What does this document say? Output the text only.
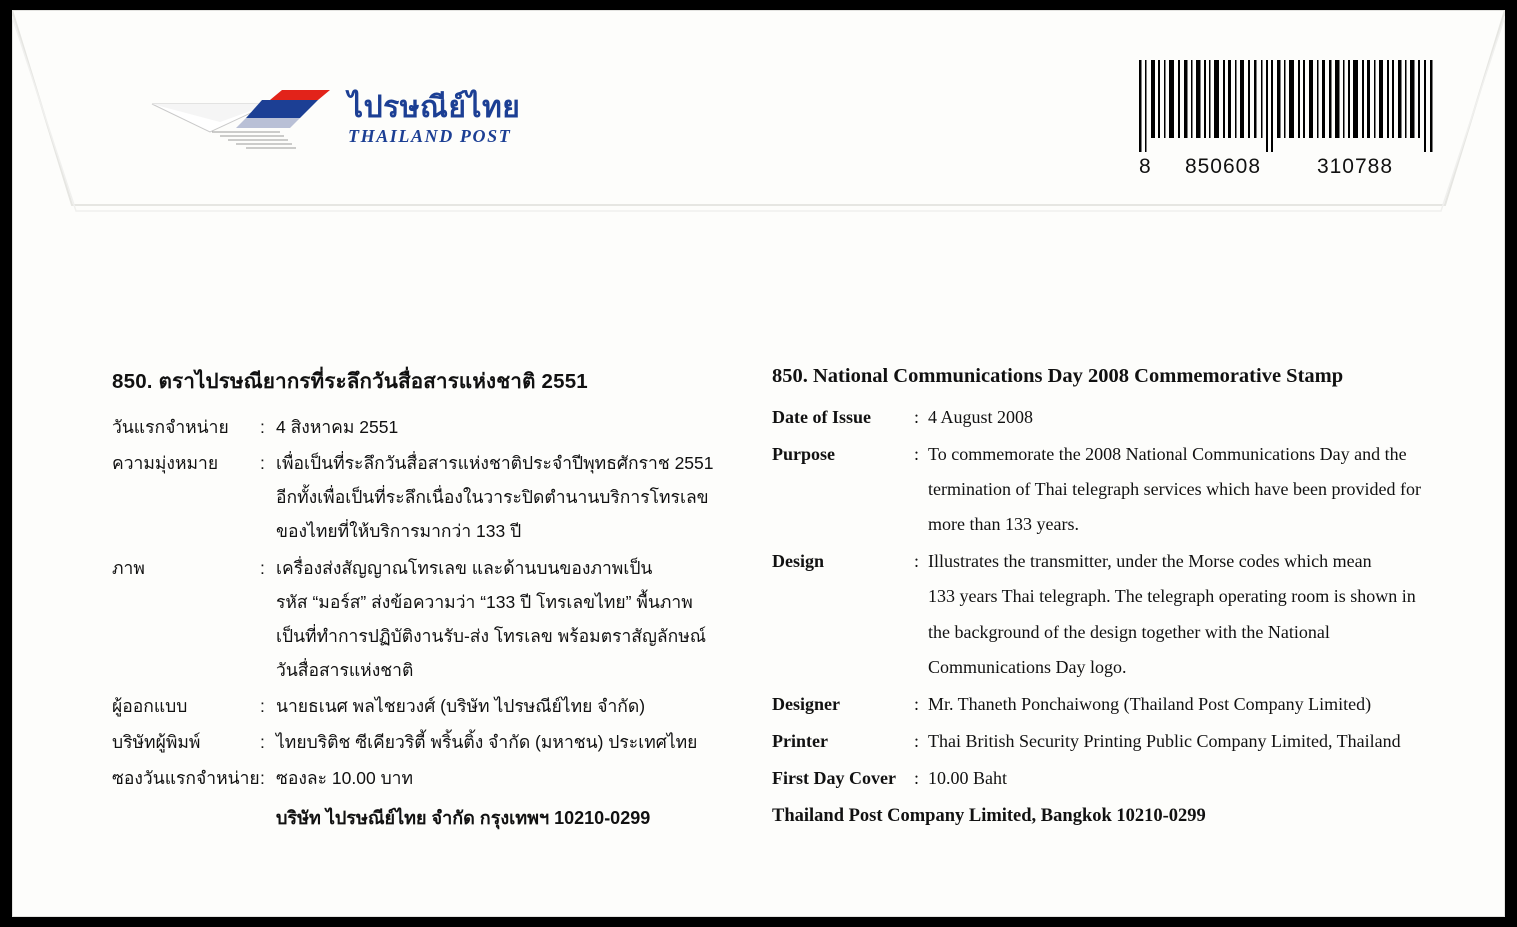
ไปรษณีย์ไทย
THAILAND POST
8	850608	310788
850. ตราไปรษณียากรที่ระลึกวันสื่อสารแห่งชาติ 2551
วันแรกจำหน่าย	: 4 สิงหาคม 2551
ความมุ่งหมาย	: เพื่อเป็นที่ระลึกวันสื่อสารแห่งชาติประจำปีพุทธศักราช 2551
อีกทั้งเพื่อเป็นที่ระลึกเนื่องในวาระปิดตำนานบริการโทรเลข
ของไทยที่ให้บริการมากว่า 133 ปี
ภาพ	: เครื่องส่งสัญญาณโทรเลข และด้านบนของภาพเป็น
รหัส “มอร์ส” ส่งข้อความว่า “133 ปี โทรเลขไทย” พื้นภาพ
เป็นที่ทำการปฏิบัติงานรับ-ส่ง โทรเลข พร้อมตราสัญลักษณ์
วันสื่อสารแห่งชาติ
ผู้ออกแบบ	: นายธเนศ พลไชยวงศ์ (บริษัท ไปรษณีย์ไทย จำกัด)
บริษัทผู้พิมพ์	: ไทยบริติช ซีเคียวริตี้ พริ้นติ้ง จำกัด (มหาชน) ประเทศไทย
ซองวันแรกจำหน่าย : ซองละ 10.00 บาท
บริษัท ไปรษณีย์ไทย จำกัด กรุงเทพฯ 10210-0299
850. National Communications Day 2008 Commemorative Stamp
Date of Issue	: 4 August 2008
Purpose	: To commemorate the 2008 National Communications Day and the
termination of Thai telegraph services which have been provided for
more than 133 years.
Design	: Illustrates the transmitter, under the Morse codes which mean
133 years Thai telegraph. The telegraph operating room is shown in
the background of the design together with the National
Communications Day logo.
Designer	: Mr. Thaneth Ponchaiwong (Thailand Post Company Limited)
Printer	: Thai British Security Printing Public Company Limited, Thailand
First Day Cover	: 10.00 Baht
Thailand Post Company Limited, Bangkok 10210-0299
